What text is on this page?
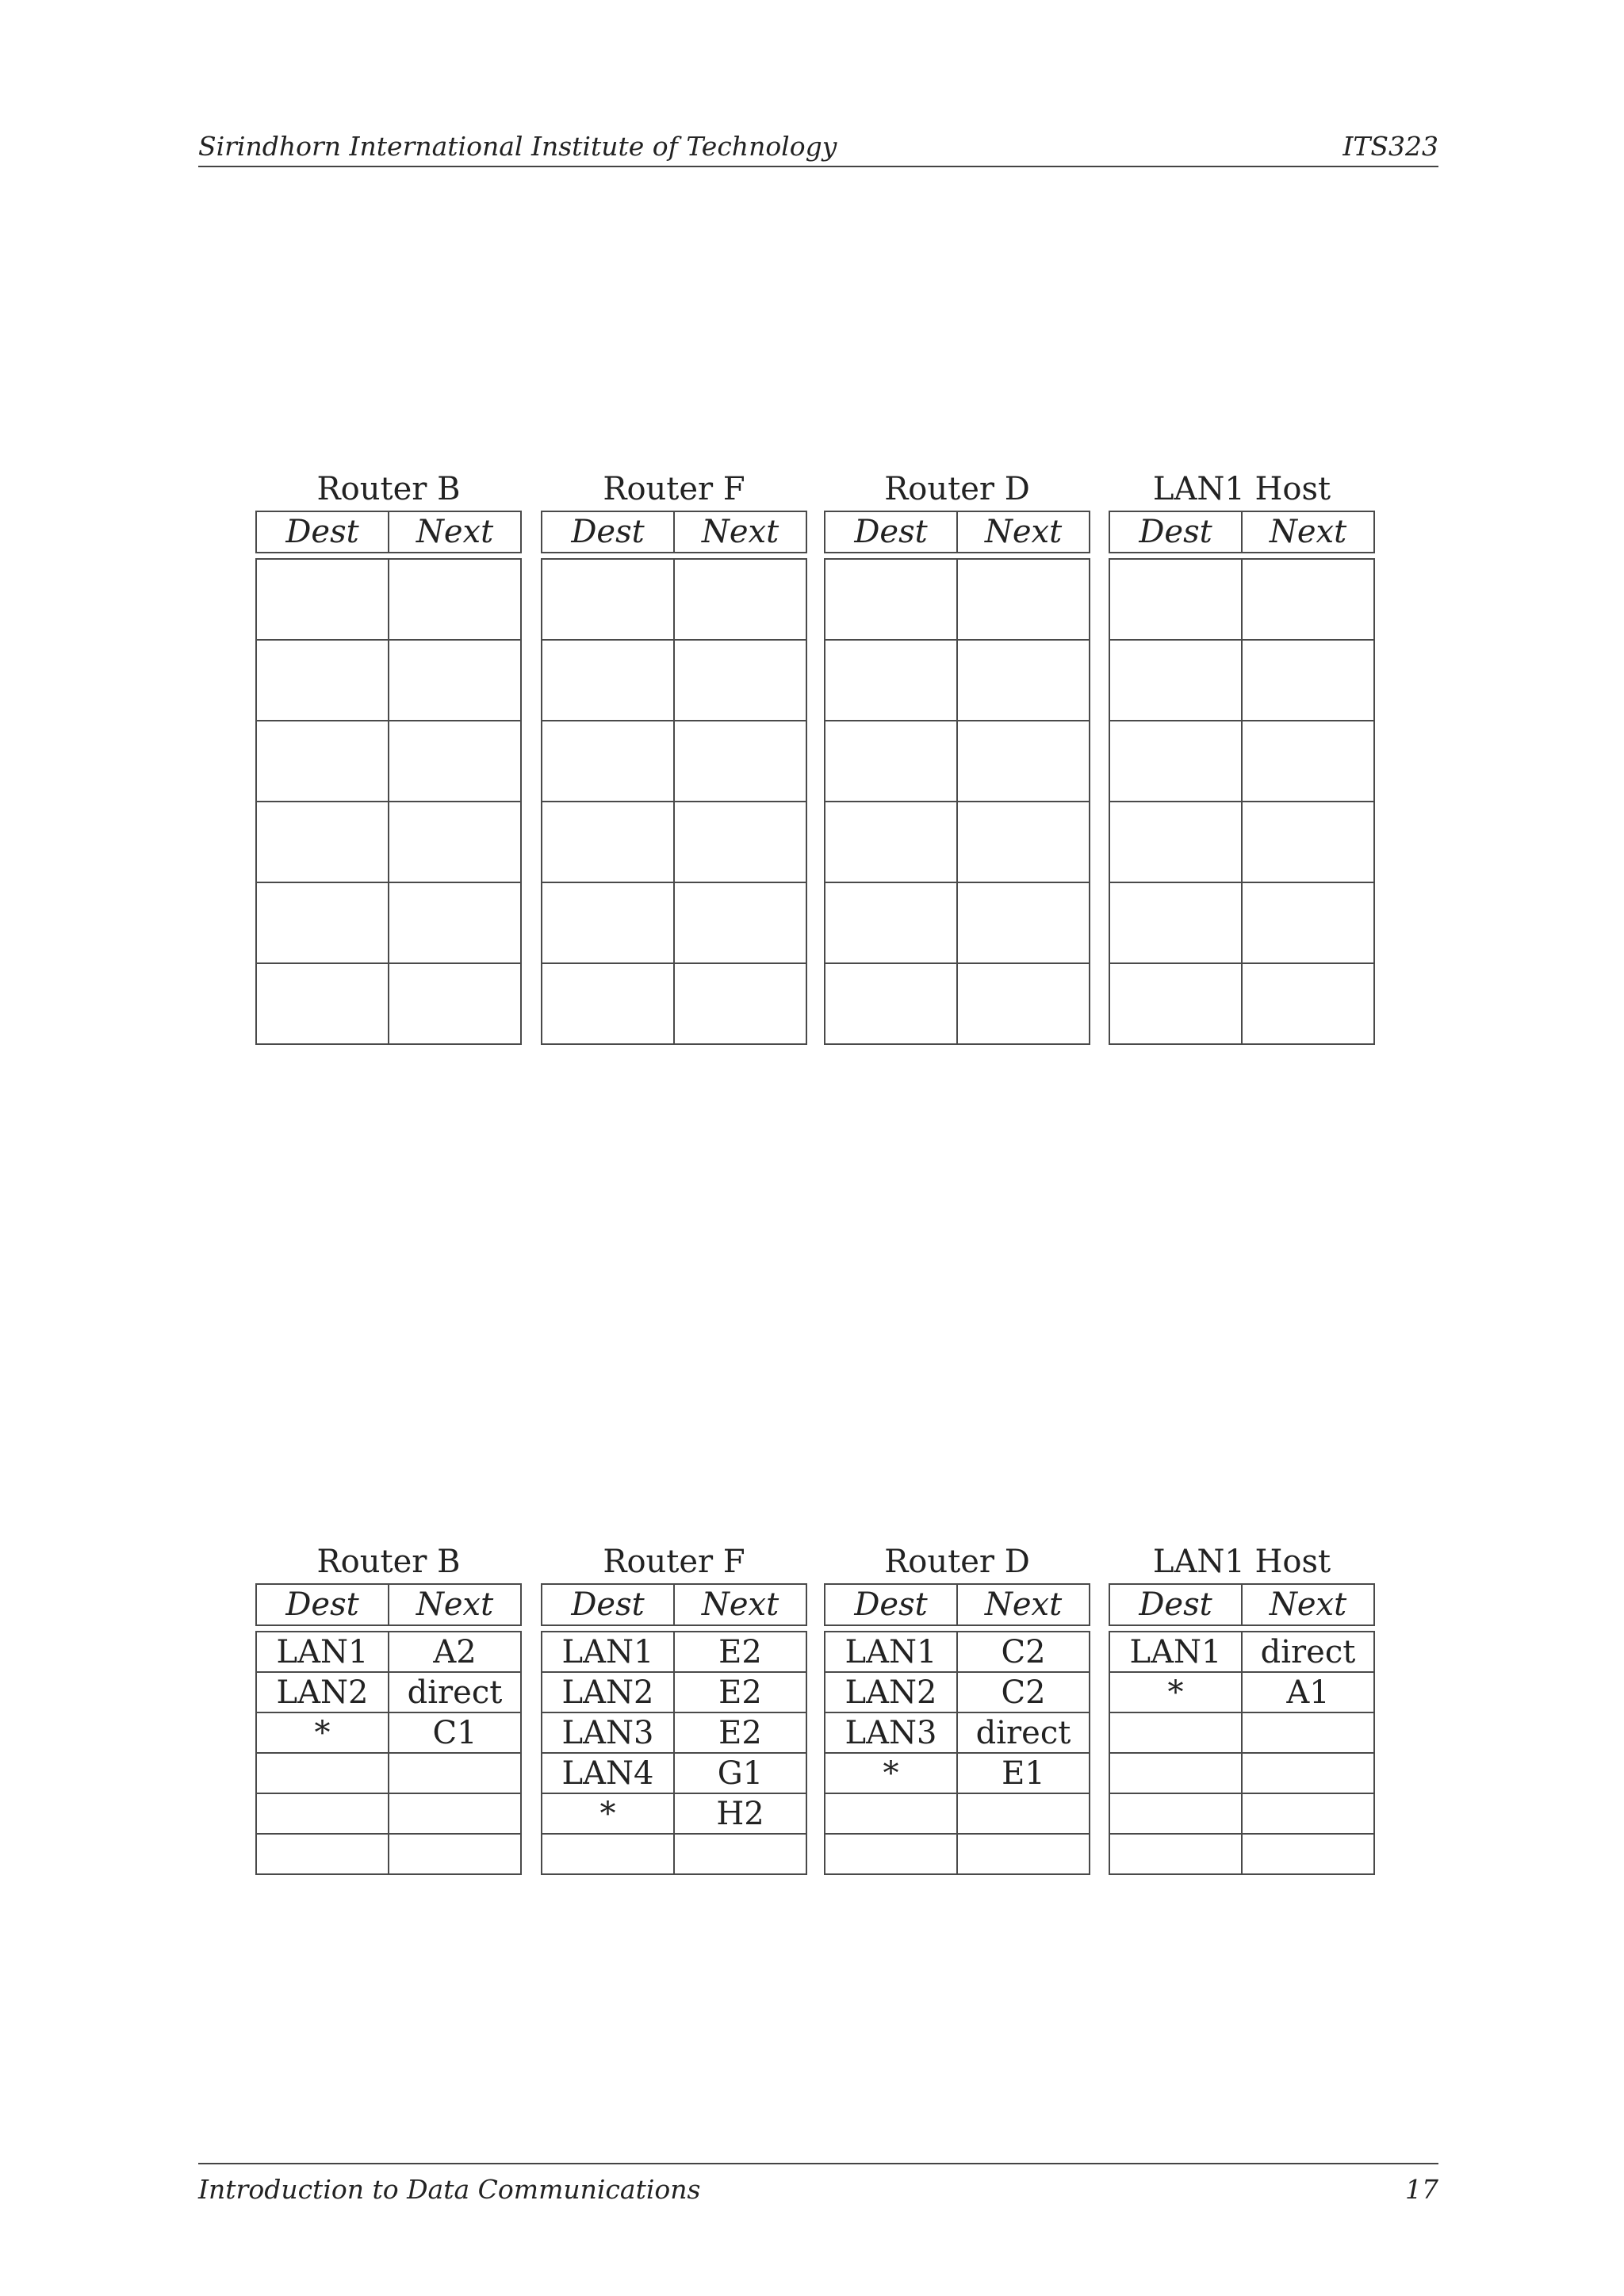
Sirindhorn International Institute of Technology	ITS323
Router B
Dest	Next

Router F
Dest	Next

Router D
Dest	Next

LAN1 Host
Dest	Next

Router B
Dest	Next
LAN1	A2
LAN2	direct
*	C1

Router F
Dest	Next
LAN1	E2
LAN2	E2
LAN3	E2
LAN4	G1
*	H2

Router D
Dest	Next
LAN1	C2
LAN2	C2
LAN3	direct
*	E1

LAN1 Host
Dest	Next
LAN1	direct
*	A1

Introduction to Data Communications	17
